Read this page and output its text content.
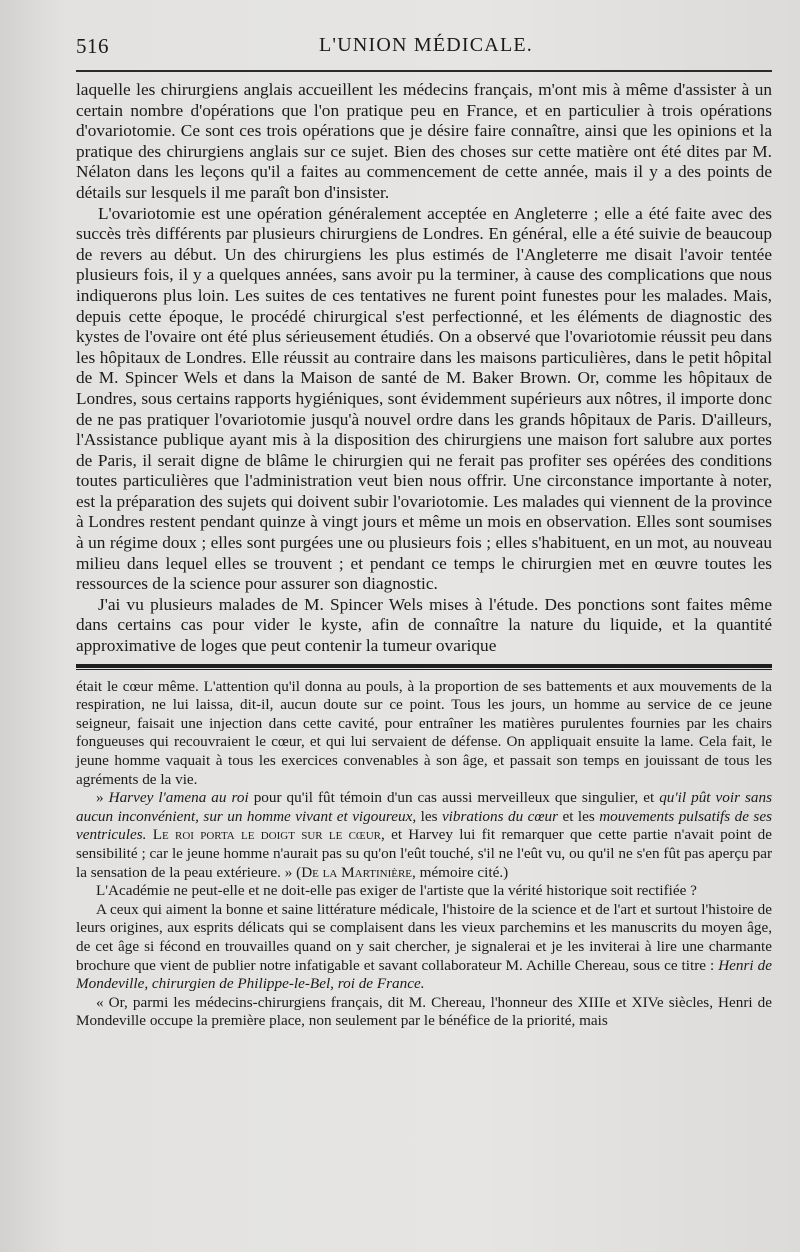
516	L'UNION MÉDICALE.

laquelle les chirurgiens anglais accueillent les médecins français, m'ont mis à même d'assister à un certain nombre d'opérations que l'on pratique peu en France, et en particulier à trois opérations d'ovariotomie. Ce sont ces trois opérations que je désire faire connaître, ainsi que les opinions et la pratique des chirurgiens anglais sur ce sujet. Bien des choses sur cette matière ont été dites par M. Nélaton dans les leçons qu'il a faites au commencement de cette année, mais il y a des points de détails sur lesquels il me paraît bon d'insister.

L'ovariotomie est une opération généralement acceptée en Angleterre ; elle a été faite avec des succès très différents par plusieurs chirurgiens de Londres. En général, elle a été suivie de beaucoup de revers au début. Un des chirurgiens les plus estimés de l'Angleterre me disait l'avoir tentée plusieurs fois, il y a quelques années, sans avoir pu la terminer, à cause des complications que nous indiquerons plus loin. Les suites de ces tentatives ne furent point funestes pour les malades. Mais, depuis cette époque, le procédé chirurgical s'est perfectionné, et les éléments de diagnostic des kystes de l'ovaire ont été plus sérieusement étudiés. On a observé que l'ovariotomie réussit peu dans les hôpitaux de Londres. Elle réussit au contraire dans les maisons particulières, dans le petit hôpital de M. Spincer Wels et dans la Maison de santé de M. Baker Brown. Or, comme les hôpitaux de Londres, sous certains rapports hygiéniques, sont évidemment supérieurs aux nôtres, il importe donc de ne pas pratiquer l'ovariotomie jusqu'à nouvel ordre dans les grands hôpitaux de Paris. D'ailleurs, l'Assistance publique ayant mis à la disposition des chirurgiens une maison fort salubre aux portes de Paris, il serait digne de blâme le chirurgien qui ne ferait pas profiter ses opérées des conditions toutes particulières que l'administration veut bien nous offrir. Une circonstance importante à noter, est la préparation des sujets qui doivent subir l'ovariotomie. Les malades qui viennent de la province à Londres restent pendant quinze à vingt jours et même un mois en observation. Elles sont soumises à un régime doux ; elles sont purgées une ou plusieurs fois ; elles s'habituent, en un mot, au nouveau milieu dans lequel elles se trouvent ; et pendant ce temps le chirurgien met en œuvre toutes les ressources de la science pour assurer son diagnostic.

J'ai vu plusieurs malades de M. Spincer Wels mises à l'étude. Des ponctions sont faites même dans certains cas pour vider le kyste, afin de connaître la nature du liquide, et la quantité approximative de loges que peut contenir la tumeur ovarique

était le cœur même. L'attention qu'il donna au pouls, à la proportion de ses battements et aux mouvements de la respiration, ne lui laissa, dit-il, aucun doute sur ce point. Tous les jours, un homme au service de ce jeune seigneur, faisait une injection dans cette cavité, pour entraîner les matières purulentes fournies par les chairs fongueuses qui recouvraient le cœur, et qui lui servaient de défense. On appliquait ensuite la lame. Cela fait, le jeune homme vaquait à tous les exercices convenables à son âge, et passait son temps en jouissant de tous les agréments de la vie.

» Harvey l'amena au roi pour qu'il fût témoin d'un cas aussi merveilleux que singulier, et qu'il pût voir sans aucun inconvénient, sur un homme vivant et vigoureux, les vibrations du cœur et les mouvements pulsatifs de ses ventricules. Le roi porta le doigt sur le cœur, et Harvey lui fit remarquer que cette partie n'avait point de sensibilité ; car le jeune homme n'aurait pas su qu'on l'eût touché, s'il ne l'eût vu, ou qu'il ne s'en fût pas aperçu par la sensation de la peau extérieure. » (De la Martinière, mémoire cité.)

L'Académie ne peut-elle et ne doit-elle pas exiger de l'artiste que la vérité historique soit rectifiée ?

A ceux qui aiment la bonne et saine littérature médicale, l'histoire de la science et de l'art et surtout l'histoire de leurs origines, aux esprits délicats qui se complaisent dans les vieux parchemins et les manuscrits du moyen âge, de cet âge si fécond en trouvailles quand on y sait chercher, je signalerai et je les inviterai à lire une charmante brochure que vient de publier notre infatigable et savant collaborateur M. Achille Chereau, sous ce titre : Henri de Mondeville, chirurgien de Philippe-le-Bel, roi de France.

« Or, parmi les médecins-chirurgiens français, dit M. Chereau, l'honneur des XIIIe et XIVe siècles, Henri de Mondeville occupe la première place, non seulement par le bénéfice de la priorité, mais
